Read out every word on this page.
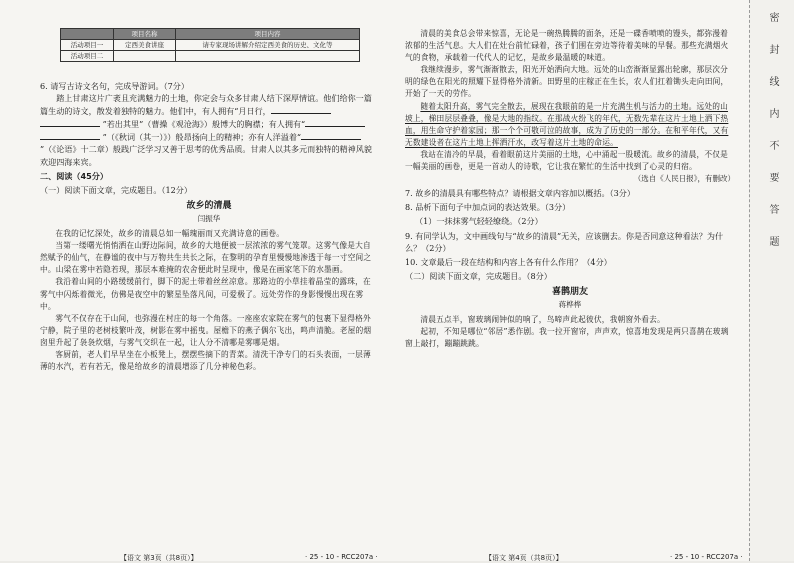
	项目名称	项目内容
活动项目一	定西美食讲座	请专家现场讲解介绍定西美食的历史、文化等
活动项目二		
6. 请写古诗文名句，完成导游词。（7分）

踏上甘肃这片广袤且充满魅力的土地，你定会与众多甘肃人结下深厚情谊。他们给你一篇篇生动的诗文，散发着独特的魅力。他们中，有人拥有“月日行， ”若出其里”（曹操《观沧海》）般博大的胸襟；有人拥有“ ”（《秋词（其一）》）般昂扬向上的精神；亦有人洋溢着“ ”（《论语》十二章）般践广泛学习又善于思考的优秀品质。甘肃人以其多元而独特的精神风貌欢迎四海来宾。

二、阅读（45分）
（一）阅读下面文章，完成题目。（12分）
故乡的清晨
闫振华

在我的记忆深处，故乡的清晨总如一幅瑰丽而又充满诗意的画卷。

当第一缕曙光悄悄洒在山野边际间，故乡的大地便被一层浓浓的雾气笼罩。这雾气像是大自然赋予的仙气，在静谧的夜中与万物共生共长之际，在黎明的孕育里慢慢地渗透于每一寸空间之中。山梁在雾中若隐若现，那层本难掩的农舍便此时呈现中，像是在画家笔下的水墨画。

我沿着山间的小路缓缓前行，脚下的泥土带着丝丝凉意。那路边的小草挂着晶莹的露珠，在雾气中闪烁着微光，仿佛是夜空中的繁星坠落凡间，可爱极了。远处劳作的身影慢慢出现在雾中。

雾气不仅存在于山间，也弥漫在村庄的每一个角落。一座座农家院在雾气的包裹下显得格外宁静，院子里的老树枝繁叶茂，树影在雾中摇曳。屋檐下的燕子偶尔飞出，鸣声清脆。老屋的烟囱里升起了袅袅炊烟，与雾气交织在一起，让人分不清哪是雾哪是烟。

客厨前，老人们早早坐在小板凳上，摆摆些摘下的青菜。清洗干净专门的石头表面，一层薄薄的水汽，若有若无，像是给故乡的清晨增添了几分神秘色彩。

【语文 第3页（共8页）】	· 25 - 10 - RCC207a ·

清晨的美食总会带来惊喜，无论是一碗热腾腾的面条，还是一碟香喷喷的馒头，都弥漫着浓郁的生活气息。大人们在灶台前忙碌着，孩子们围在旁边等待着美味的早餐。那些充满烟火气的食物，承载着一代代人的记忆，是故乡最温暖的味道。

我继续漫步，雾气渐渐散去，阳光开始洒向大地。远处的山峦渐渐显露出轮廓，那层次分明的绿色在阳光的照耀下显得格外清新。田野里的庄稼正在生长，农人们扛着锄头走向田间，开始了一天的劳作。

随着太阳升高，雾气完全散去，展现在我眼前的是一片充满生机与活力的土地。远处的山坡上，梯田层层叠叠，像是大地的指纹。在那战火纷飞的年代，无数先辈在这片土地上洒下热血，用生命守护着家园；那一个个可敬可泣的故事，成为了历史的一部分。在和平年代，又有无数建设者在这片土地上挥洒汗水，改写着这片土地的命运。

我站在清冷的早晨，看着眼前这片美丽的土地，心中涌起一股暖流。故乡的清晨，不仅是一幅美丽的画卷，更是一首动人的诗歌，它让我在繁忙的生活中找到了心灵的归宿。

（选自《人民日报》，有删改）
7. 故乡的清晨具有哪些特点？请根据文章内容加以概括。（3分）
8. 品析下面句子中加点词的表达效果。（3分）
（1）一抹抹雾气轻轻缭绕。（2分）
9. 有同学认为，文中画线句与“故乡的清晨”无关，应该删去。你是否同意这种看法？为什么？（2分）
10. 文章最后一段在结构和内容上各有什么作用？（4分）
（二）阅读下面文章，完成题目。（8分）
喜鹊朋友
蒋桦桦

清晨五点半，窗玻璃闹钟似的响了，鸟啼声此起彼伏，我朝窗外看去。

起初，不知是哪位“邻居”悉作剧。我一拉开窗帘，声声欢，惊喜地发现是两只喜鹊在玻璃窗上敲打，蹦蹦跳跳。

【语文 第4页（共8页）】	· 25 - 10 - RCC207a ·
密封线内不要答题
